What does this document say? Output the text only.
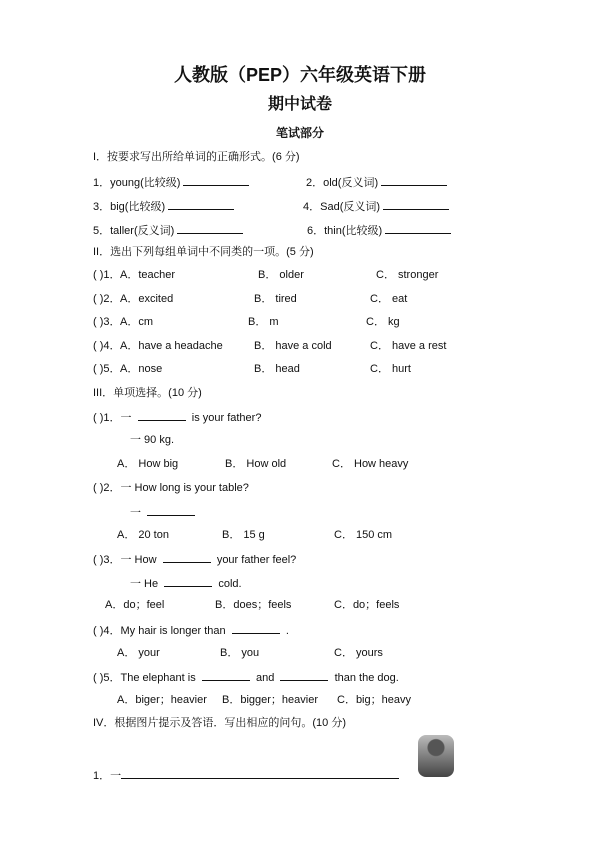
人教版（PEP）六年级英语下册
期中试卷
笔试部分
I．按要求写出所给单词的正确形式。(6 分)
1．young(比较级)	2．old(反义词)
3．big(比较级)	4．Sad(反义词)
5．taller(反义词)	6．thin(比较级)
II．选出下列每组单词中不同类的一项。(5 分)
( )1． A．teacher	B． older	C． stronger
( )2． A．excited	B． tired	C． eat
( )3． A．cm	B． m	C． kg
( )4． A．have a headache	B． have a cold	C． have a rest
( )5． A．nose	B． head	C． hurt
III．单项选择。(10 分)
( )1．一	is your father?
一 90 kg.
A． How big	B． How old	C． How heavy
( )2．一 How long is your table?
一
A． 20 ton	B． 15 g	C． 150 cm
( )3．一 How	your father feel?
一 He	cold.
A．do；feel	B．does；feels	C．do；feels
( )4．My hair is longer than	.
A． your	B． you	C． yours
( )5．The elephant is	and	than the dog.
A．biger；heavier B．bigger；heavier C．big；heavy
IV．根据图片提示及答语．写出相应的问句。(10 分)
1．一
